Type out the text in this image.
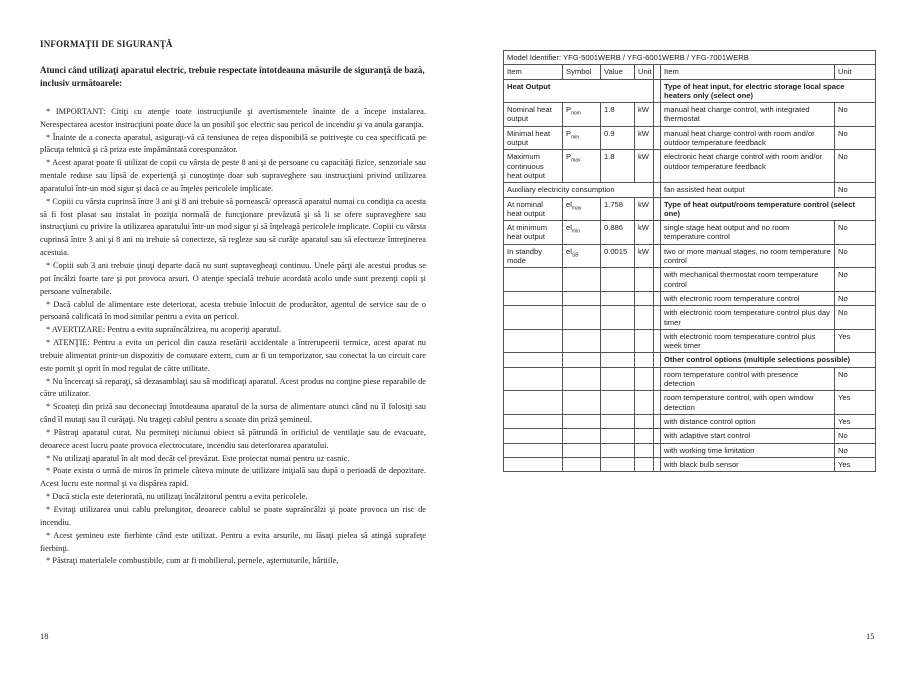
INFORMAŢII DE SIGURANŢĂ
Atunci când utilizaţi aparatul electric, trebuie respectate întotdeauna măsurile de siguranţă de bază, inclusiv următoarele:

* IMPORTANT: Citiţi cu atenţie toate instrucţiunile şi avertismentele înainte de a începe instalarea. Nerespectarea acestor instrucţiuni poate duce la un posibil şoc electric sau pericol de incendiu şi va anula garanţia.

* Înainte de a conecta aparatul, asiguraţi-vă că tensiunea de reţea disponibilă se potriveşte cu cea specificată pe plăcuţa tehnică şi că priza este împământată corespunzător.

* Acest aparat poate fi utilizat de copii cu vârsta de peste 8 ani şi de persoane cu capacităţi fizice, senzoriale sau mentale reduse sau lipsă de experienţă şi cunoştinţe doar sub supraveghere sau instrucţiuni privind utilizarea aparatului într-un mod sigur şi dacă ce au înţeles pericolele implicate.

* Copiii cu vârsta cuprinsă între 3 ani şi 8 ani trebuie să pornească/ oprească aparatul numai cu condiţia ca acesta să fi fost plasat sau instalat în poziţia normală de funcţionare prevăzută şi să li se ofere supraveghere sau instrucţiuni cu privire la utilizarea aparatului într-un mod sigur şi să înţeleagă pericolele implicate. Copiii cu vârsta cuprinsă între 3 ani şi 8 ani nu trebuie să conecteze, să regleze sau să curăţe aparatul sau să efectueze întreţinerea acestuia.

* Copiii sub 3 ani trebuie ţinuţi departe dacă nu sunt supravegheaţi continuu. Unele părţi ale acestui produs se pot încălzi foarte tare şi pot provoca arsuri. O atenţie specială trebuie acordată acolo unde sunt prezenţi copii şi persoane vulnerabile.

* Dacă cablul de alimentare este deteriorat, acesta trebuie înlocuit de producător, agentul de service sau de o persoană calificată în mod similar pentru a evita un pericol.

* AVERTIZARE: Pentru a evita supraîncălzirea, nu acoperiţi aparatul.

* ATENŢIE: Pentru a evita un pericol din cauza resetării accidentale a întrerupeerii termice, acest aparat nu trebuie alimentat printr-un dispozitiv de comutare extern, cum ar fi un temporizator, sau conectat la un circuit care este pornit şi oprit în mod regulat de către utilitate.

* Nu încercaţi să reparaţi, să dezasamblaţi sau să modificaţi aparatul. Acest produs nu conţine piese reparabile de către utilizator.

* Scoateţi din priză sau deconectaţi întotdeauna aparatul de la sursa de alimentare atunci când nu îl folosiţi sau când îl mutaţi sau îl curăţaţi. Nu trageţi cablul pentru a scoate din priză şemineul.

* Păstraţi aparatul curat. Nu permiteţi niciunui obiect să pătrundă în orificiul de ventilaţie sau de evacuare, deoarece acest lucru poate provoca electrocutare, incendiu sau deteriorarea aparatului.

* Nu utilizaţi aparatul în alt mod decât cel prevăzut. Este proiectat numai pentru uz casnic.

* Poate exista o urmă de miros în primele câteva minute de utilizare iniţială sau după o perioadă de depozitare. Acest lucru este normal şi va dispărea rapid.

* Dacă sticla este deteriorată, nu utilizaţi încălzitorul pentru a evita pericolele.

* Evitaţi utilizarea unui cablu prelungitor, deoarece cablul se poate supraîncălzi şi poate provoca un risc de incendiu.

* Acest şemineu este fierbinte când este utilizat. Pentru a evita arsurile, nu lăsaţi pielea să atingă suprafeţe fierbinţi.

* Păstraţi materialele combustibile, cum ar fi mobilierul, pernele, aşternuturile, hârtiile,

18
Model Identifier: YFG-5001WERB / YFG-6001WERB / YFG-7001WERB						
Item	Symbol	Value	Unit		Item	Unit
Heat Output					Type of heat input, for electric storage local space heaters only (select one)	
Nominal heat output	$P_{nom}$	1.8	kW		manual heat charge control, with integrated thermostat	No
Minimal heat output	$P_{min}$	0.9	kW		manual heat charge control with room and/or outdoor temperature feedback	No
Maximum continuous heat output	$P_{max}$	1.8	kW		electronic heat charge control with room and/or outdoor temperature feedback	No
Auxiliary electricity consumption					fan assisted heat output	No
At nominal heat output	$el_{max}$	1.758	kW		Type of heat output/room temperature control (select one)	
At minimum heat output	$el_{min}$	0.886	kW		single stage heat output and no room temperature control	No
In standby mode	$el_{SB}$	0.0015	kW		two or more manual stages, no room temperature control	No
					with mechanical thermostat room temperature control	No
					with electronic room temperature control	No
					with electronic room temperature control plus day timer	No
					with electronic room temperature control plus week timer	Yes
					Other control options (multiple selections possible)	
					room temperature control with presence detection	No
					room temperature control, with open window detection	Yes
					with distance control option	Yes
					with adaptive start control	No
					with working time limitation	No
					with black bulb sensor	Yes
15
